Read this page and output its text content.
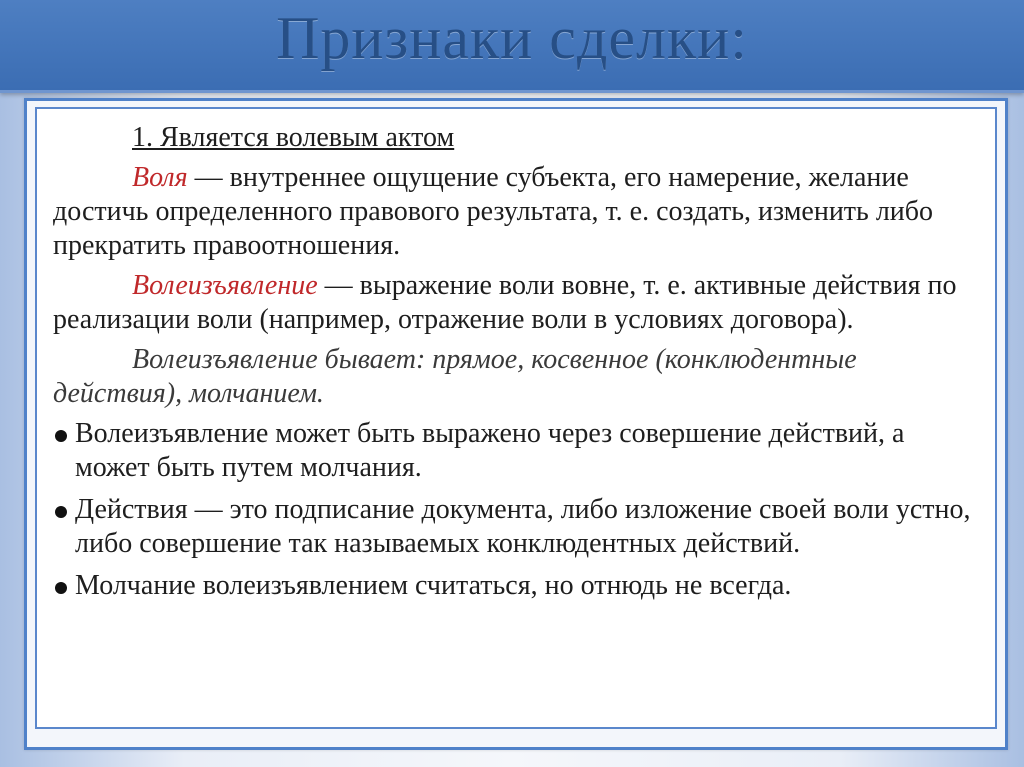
Признаки сделки:

1. Является волевым актом

Воля — внутреннее ощущение субъекта, его намерение, желание достичь определенного правового результата, т. е. создать, изменить либо прекратить правоотношения.

Волеизъявление — выражение воли вовне, т. е. активные действия по реализации воли (например, отражение воли в условиях договора).

Волеизъявление бывает: прямое, косвенное (конклюдентные действия), молчанием.

Волеизъявление может быть выражено через совершение действий, а может быть путем молчания.
Действия — это подписание документа, либо изложение своей воли устно, либо совершение так называемых конклюдентных действий.
Молчание волеизъявлением считаться, но отнюдь не всегда.
